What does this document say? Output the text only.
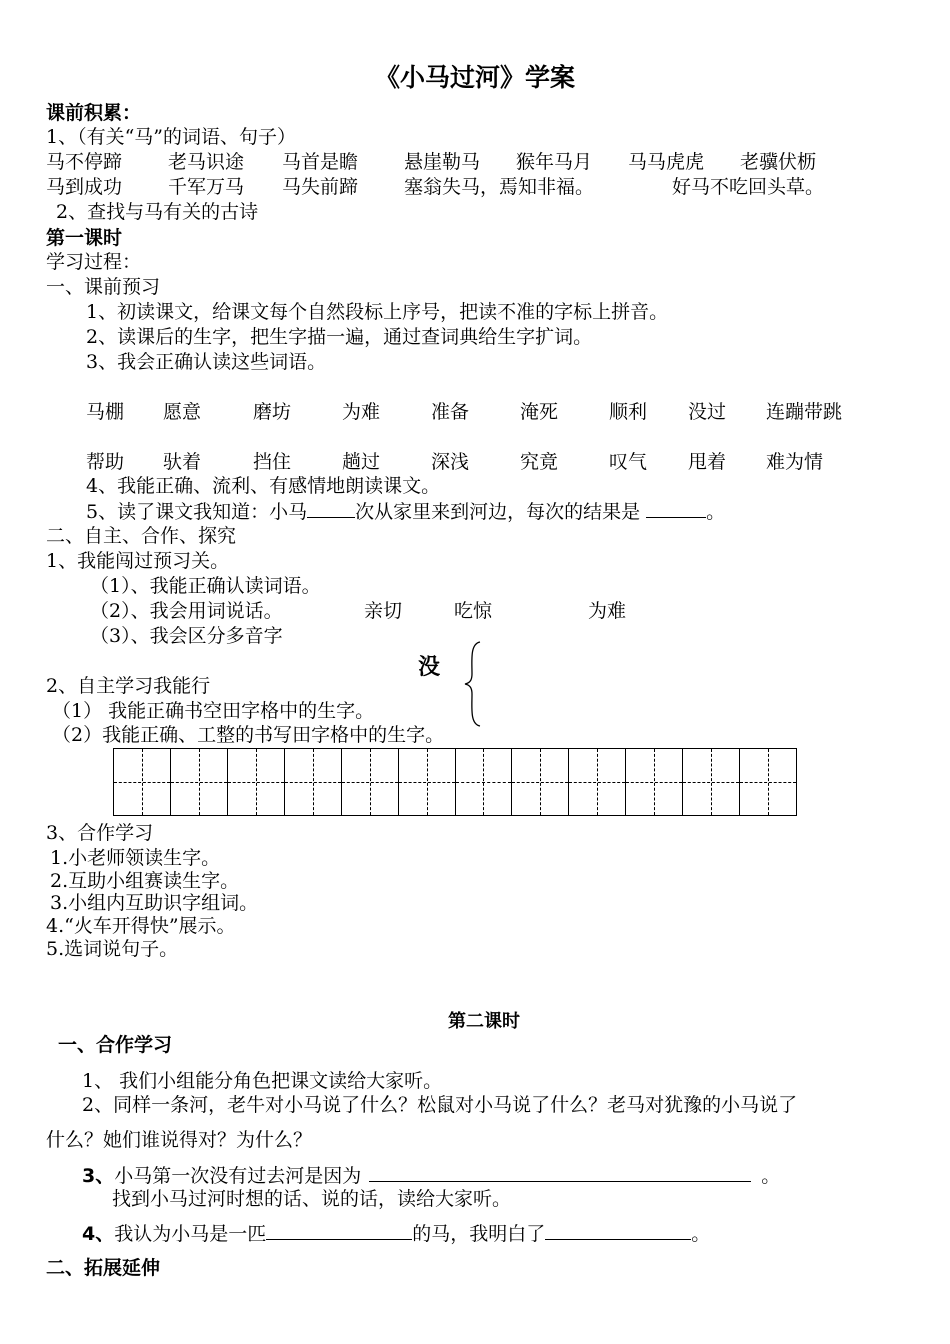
《小马过河》学案
课前积累：
1、（有关“马”的词语、句子）
马不停蹄 老马识途 马首是瞻 悬崖勒马 猴年马月 马马虎虎 老骥伏枥
马到成功 千军万马 马失前蹄 塞翁失马，焉知非福。	好马不吃回头草。
2、查找与马有关的古诗
第一课时
学习过程：
一、课前预习
1、初读课文，给课文每个自然段标上序号，把读不准的字标上拼音。
2、读课后的生字，把生字描一遍，通过查词典给生字扩词。
3、我会正确认读这些词语。
马棚 愿意	磨坊	为难	准备	淹死	顺利 没过 连蹦带跳
帮助 驮着	挡住	趟过	深浅	究竟	叹气 甩着 难为情
4、我能正确、流利、有感情地朗读课文。
5、读了课文我知道：小马	次从家里来到河边，每次的结果是	。
二、自主、合作、探究
1、我能闯过预习关。
（1）、我能正确认读词语。
（2）、我会用词说话。	亲切	吃惊	为难
（3）、我会区分多音字
没
2、自主学习我能行
（1） 我能正确书空田字格中的生字。
（2）我能正确、工整的书写田字格中的生字。
3、合作学习
1.小老师领读生字。
2.互助小组赛读生字。
3.小组内互助识字组词。
4.“火车开得快”展示。
5.选词说句子。
第二课时
一、合作学习
1、 我们小组能分角色把课文读给大家听。
2、同样一条河，老牛对小马说了什么？松鼠对小马说了什么？老马对犹豫的小马说了
什么？她们谁说得对？为什么？
3、小马第一次没有过去河是因为	。
找到小马过河时想的话、说的话，读给大家听。
4、我认为小马是一匹	的马，我明白了	。
二、拓展延伸
